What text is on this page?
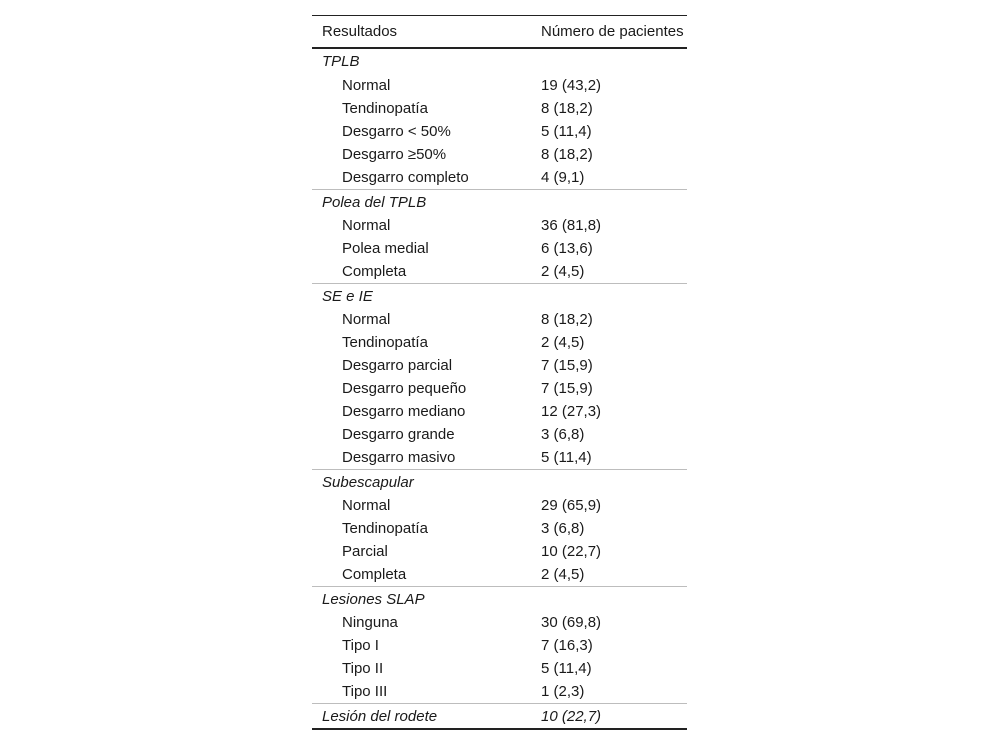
Resultados	Número de pacientes
TPLB	
Normal	19 (43,2)
Tendinopatía	8 (18,2)
Desgarro < 50%	5 (11,4)
Desgarro ≥50%	8 (18,2)
Desgarro completo	4 (9,1)
Polea del TPLB	
Normal	36 (81,8)
Polea medial	6 (13,6)
Completa	2 (4,5)
SE e IE	
Normal	8 (18,2)
Tendinopatía	2 (4,5)
Desgarro parcial	7 (15,9)
Desgarro pequeño	7 (15,9)
Desgarro mediano	12 (27,3)
Desgarro grande	3 (6,8)
Desgarro masivo	5 (11,4)
Subescapular	
Normal	29 (65,9)
Tendinopatía	3 (6,8)
Parcial	10 (22,7)
Completa	2 (4,5)
Lesiones SLAP	
Ninguna	30 (69,8)
Tipo I	7 (16,3)
Tipo II	5 (11,4)
Tipo III	1 (2,3)
Lesión del rodete	10 (22,7)
